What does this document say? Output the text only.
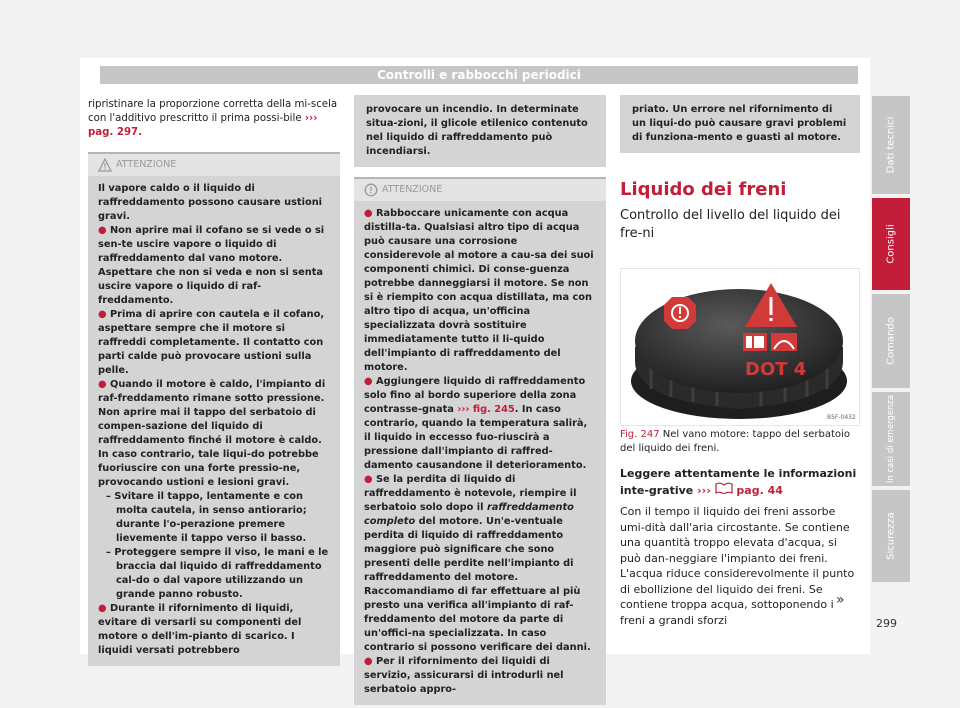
Controlli e rabbocchi periodici

ripristinare la proporzione corretta della mi-scela con l'additivo prescritto il prima possi-bile ››› pag. 297.

ATTENZIONE

Il vapore caldo o il liquido di raffreddamento possono causare ustioni gravi.

● Non aprire mai il cofano se si vede o si sen-te uscire vapore o liquido di raffreddamento dal vano motore. Aspettare che non si veda e non si senta uscire vapore o liquido di raf-freddamento.

● Prima di aprire con cautela e il cofano, aspettare sempre che il motore si raffreddi completamente. Il contatto con parti calde può provocare ustioni sulla pelle.

● Quando il motore è caldo, l'impianto di raf-freddamento rimane sotto pressione. Non aprire mai il tappo del serbatoio di compen-sazione del liquido di raffreddamento finché il motore è caldo. In caso contrario, tale liqui-do potrebbe fuoriuscire con una forte pressio-ne, provocando ustioni e lesioni gravi.

– Svitare il tappo, lentamente e con molta cautela, in senso antiorario; durante l'o-perazione premere lievemente il tappo verso il basso.

– Proteggere sempre il viso, le mani e le braccia dal liquido di raffreddamento cal-do o dal vapore utilizzando un grande panno robusto.

● Durante il rifornimento di liquidi, evitare di versarli su componenti del motore o dell'im-pianto di scarico. I liquidi versati potrebbero

provocare un incendio. In determinate situa-zioni, il glicole etilenico contenuto nel liquido di raffreddamento può incendiarsi.
ATTENZIONE

● Rabboccare unicamente con acqua distilla-ta. Qualsiasi altro tipo di acqua può causare una corrosione considerevole al motore a cau-sa dei suoi componenti chimici. Di conse-guenza potrebbe danneggiarsi il motore. Se non si è riempito con acqua distillata, ma con altro tipo di acqua, un'officina specializzata dovrà sostituire immediatamente tutto il li-quido dell'impianto di raffreddamento del motore.

● Aggiungere liquido di raffreddamento solo fino al bordo superiore della zona contrasse-gnata ››› fig. 245. In caso contrario, quando la temperatura salirà, il liquido in eccesso fuo-riuscirà a pressione dall'impianto di raffred-damento causandone il deterioramento.

● Se la perdita di liquido di raffreddamento è notevole, riempire il serbatoio solo dopo il raffreddamento completo del motore. Un'e-ventuale perdita di liquido di raffreddamento maggiore può significare che sono presenti delle perdite nell'impianto di raffreddamento del motore. Raccomandiamo di far effettuare al più presto una verifica all'impianto di raf-freddamento del motore da parte di un'offici-na specializzata. In caso contrario si possono verificare dei danni.

● Per il rifornimento dei liquidi di servizio, assicurarsi di introdurli nel serbatoio appro-

priato. Un errore nel rifornimento di un liqui-do può causare gravi problemi di funziona-mento e guasti al motore.
Liquido dei freni
Controllo del livello del liquido dei fre-ni
DOT 4
B5F-0432
Fig. 247 Nel vano motore: tappo del serbatoio del liquido dei freni.

Leggere attentamente le informazioni inte-grative ››› pag. 44

Con il tempo il liquido dei freni assorbe umi-dità dall'aria circostante. Se contiene una quantità troppo elevata d'acqua, si può dan-neggiare l'impianto dei freni. L'acqua riduce considerevolmente il punto di ebollizione del liquido dei freni. Se contiene troppa acqua, sottoponendo i freni a grandi sforzi

»
Dati tecnici
Consigli
Comando
In casi di emergenza
Sicurezza
299
